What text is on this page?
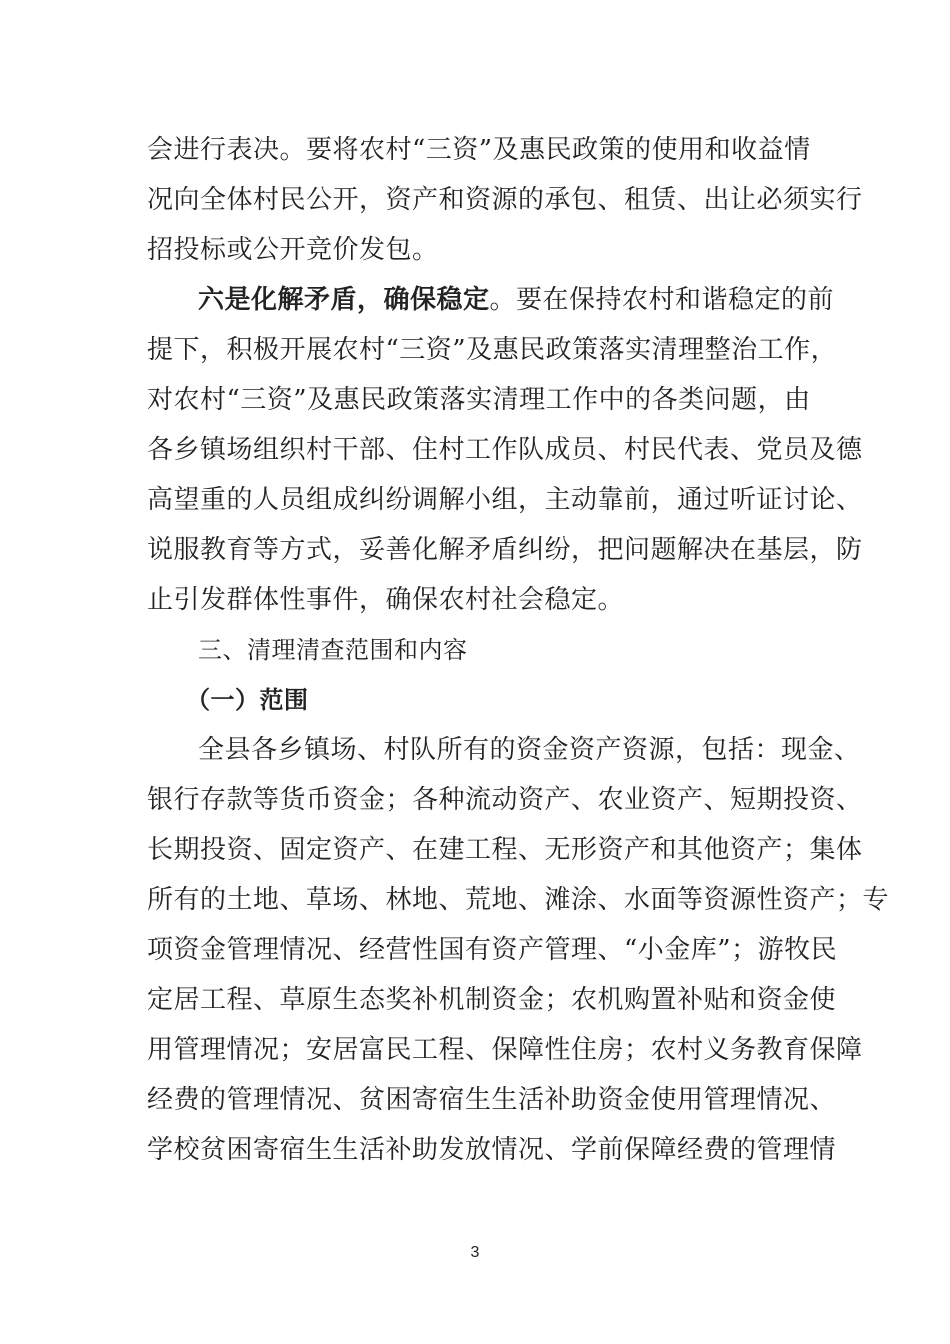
会进行表决。要将农村“三资”及惠民政策的使用和收益情
况向全体村民公开，资产和资源的承包、租赁、出让必须实行
招投标或公开竞价发包。
六是化解矛盾，确保稳定。要在保持农村和谐稳定的前
提下，积极开展农村“三资”及惠民政策落实清理整治工作，
对农村“三资”及惠民政策落实清理工作中的各类问题，由
各乡镇场组织村干部、住村工作队成员、村民代表、党员及德
高望重的人员组成纠纷调解小组，主动靠前，通过听证讨论、
说服教育等方式，妥善化解矛盾纠纷，把问题解决在基层，防
止引发群体性事件，确保农村社会稳定。
三、清理清查范围和内容
（一）范围
全县各乡镇场、村队所有的资金资产资源，包括：现金、
银行存款等货币资金；各种流动资产、农业资产、短期投资、
长期投资、固定资产、在建工程、无形资产和其他资产；集体
所有的土地、草场、林地、荒地、滩涂、水面等资源性资产；专
项资金管理情况、经营性国有资产管理、“小金库”；游牧民
定居工程、草原生态奖补机制资金；农机购置补贴和资金使
用管理情况；安居富民工程、保障性住房；农村义务教育保障
经费的管理情况、贫困寄宿生生活补助资金使用管理情况、
学校贫困寄宿生生活补助发放情况、学前保障经费的管理情
3
